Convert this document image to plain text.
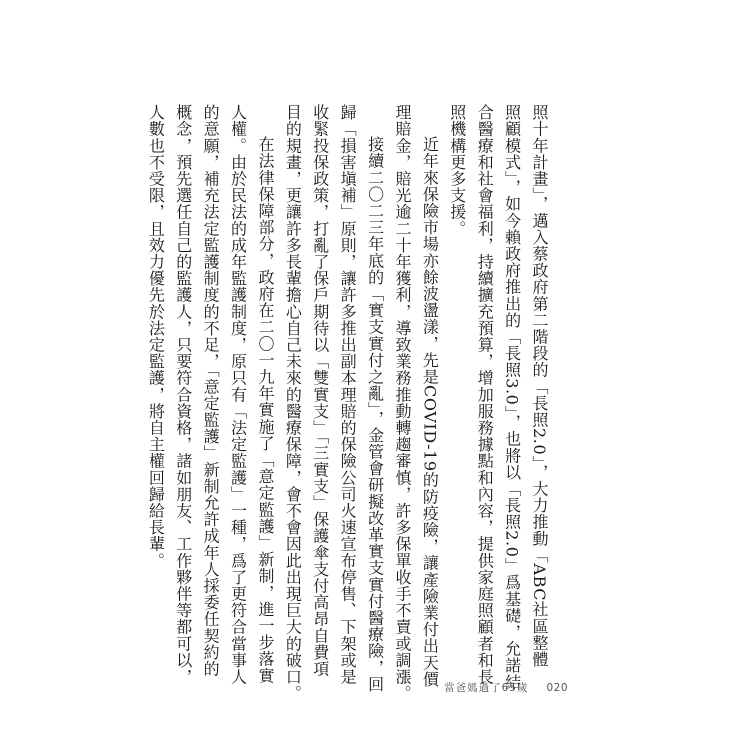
照十年計畫」，邁入蔡政府第二階段的「長照2.0」，大力推動「ABC社區整體
照顧模式」，如今賴政府推出的「長照3.0」，也將以「長照2.0」爲基礎，允諾結
合醫療和社會福利，持續擴充預算，增加服務據點和內容，提供家庭照顧者和長
照機構更多支援。
近年來保險市場亦餘波盪漾，先是COVID-19的防疫險，讓產險業付出天價
理賠金，賠光逾二十年獲利，導致業務推動轉趨審慎，許多保單收手不賣或調漲。
接續二〇二三年底的「實支實付之亂」，金管會研擬改革實支實付醫療險，回
歸「損害塡補」原則，讓許多推出副本理賠的保險公司火速宣布停售、下架或是
收緊投保政策，打亂了保戶期待以「雙實支」「三實支」保護傘支付高昂自費項
目的規畫，更讓許多長輩擔心自己未來的醫療保障，會不會因此出現巨大的破口。
在法律保障部分，政府在二〇一九年實施了「意定監護」新制，進一步落實
人權。由於民法的成年監護制度，原只有「法定監護」一種，爲了更符合當事人
的意願，補充法定監護制度的不足，「意定監護」新制允許成年人採委任契約的
概念，預先選任自己的監護人，只要符合資格，諸如朋友、工作夥伴等都可以，
人數也不受限，且效力優先於法定監護，將自主權回歸給長輩。
當爸媽過了65歲 020
